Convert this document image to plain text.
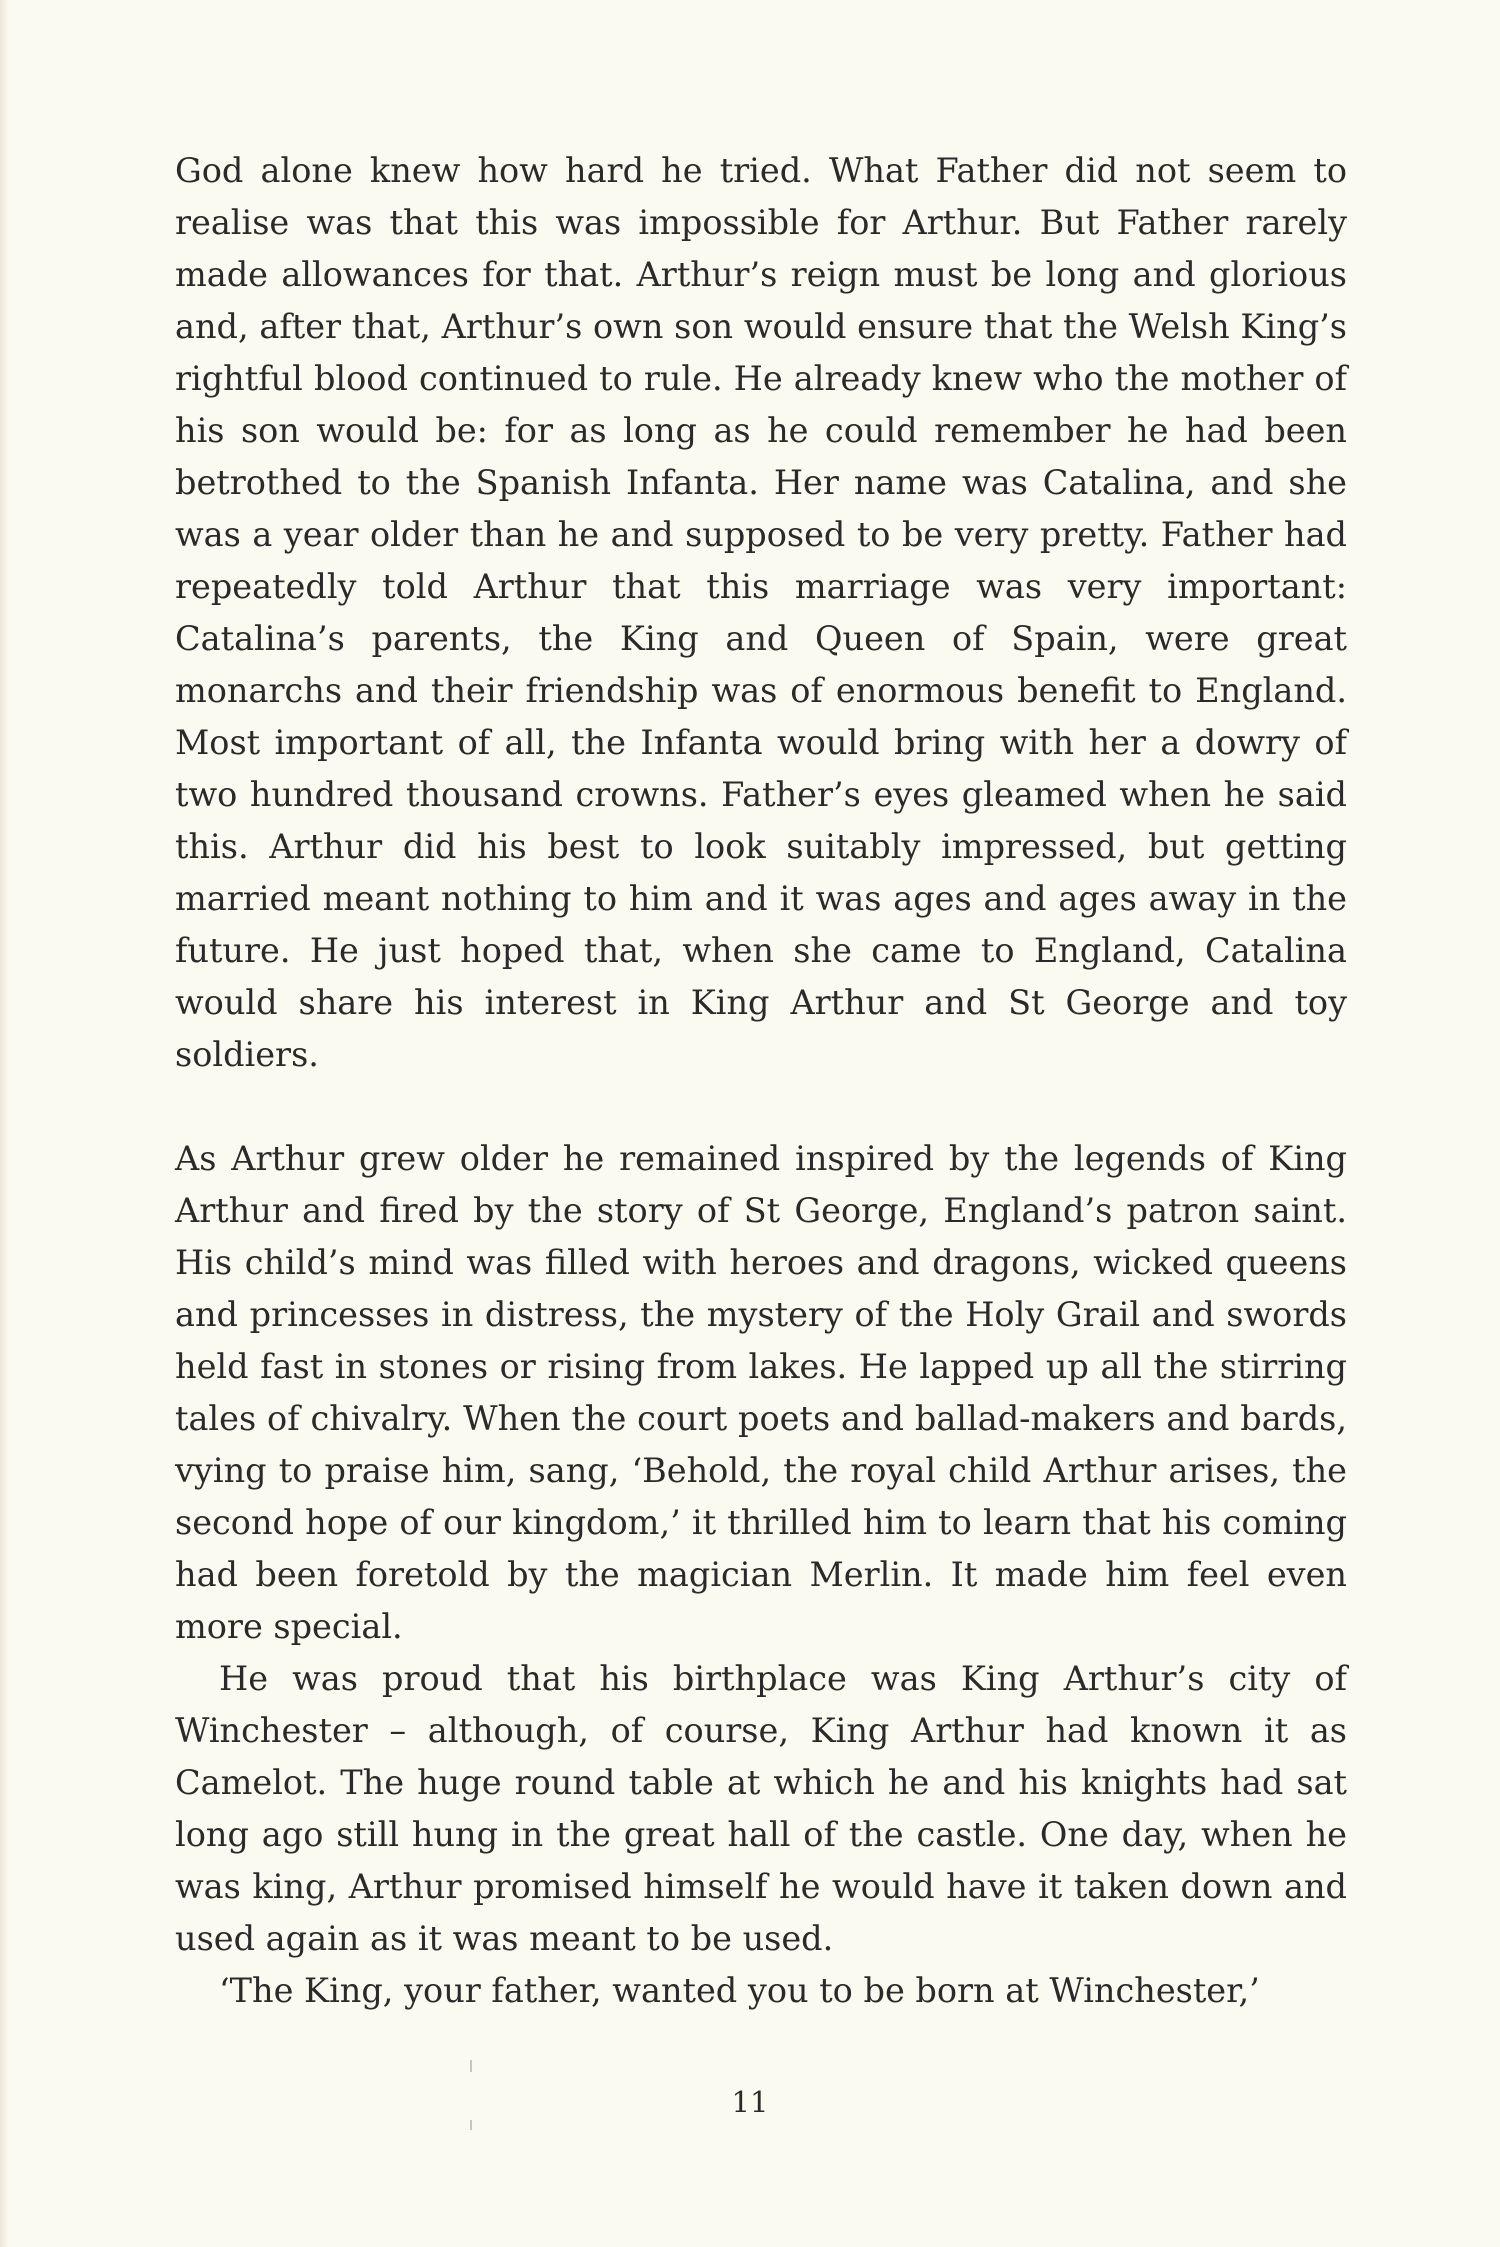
God alone knew how hard he tried. What Father did not seem to realise was that this was impossible for Arthur. But Father rarely made allowances for that. Arthur’s reign must be long and glorious and, after that, Arthur’s own son would ensure that the Welsh King’s rightful blood continued to rule. He already knew who the mother of his son would be: for as long as he could remember he had been betrothed to the Spanish Infanta. Her name was Catalina, and she was a year older than he and supposed to be very pretty. Father had repeatedly told Arthur that this marriage was very important: Catalina’s parents, the King and Queen of Spain, were great monarchs and their friendship was of enormous benefit to England. Most important of all, the Infanta would bring with her a dowry of two hundred thousand crowns. Father’s eyes gleamed when he said this. Arthur did his best to look suitably impressed, but getting married meant nothing to him and it was ages and ages away in the future. He just hoped that, when she came to England, Catalina would share his interest in King Arthur and St George and toy soldiers.

As Arthur grew older he remained inspired by the legends of King Arthur and fired by the story of St George, England’s patron saint. His child’s mind was filled with heroes and dragons, wicked queens and princesses in distress, the mystery of the Holy Grail and swords held fast in stones or rising from lakes. He lapped up all the stirring tales of chivalry. When the court poets and ballad-makers and bards, vying to praise him, sang, ‘Behold, the royal child Arthur arises, the second hope of our kingdom,’ it thrilled him to learn that his coming had been foretold by the magician Merlin. It made him feel even more special.

He was proud that his birthplace was King Arthur’s city of Winchester – although, of course, King Arthur had known it as Camelot. The huge round table at which he and his knights had sat long ago still hung in the great hall of the castle. One day, when he was king, Arthur promised himself he would have it taken down and used again as it was meant to be used.

‘The King, your father, wanted you to be born at Winchester,’

11
